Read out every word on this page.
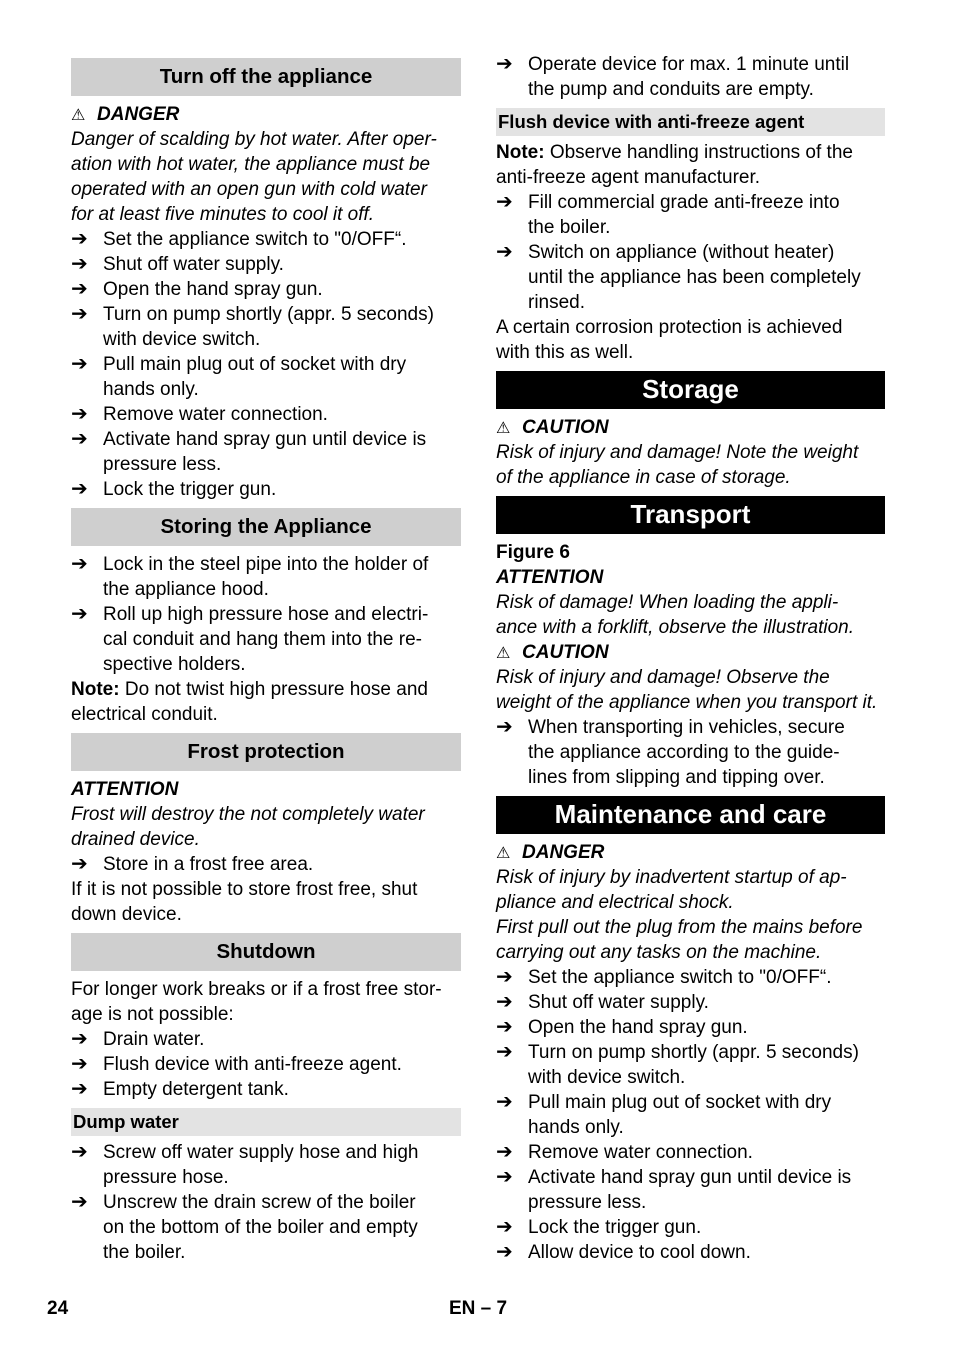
Turn off the appliance
⚠ DANGER
Danger of scalding by hot water. After oper-
ation with hot water, the appliance must be
operated with an open gun with cold water
for at least five minutes to cool it off.
➔ Set the appliance switch to "0/OFF“.
➔ Shut off water supply.
➔ Open the hand spray gun.
➔ Turn on pump shortly (appr. 5 seconds)
with device switch.
➔ Pull main plug out of socket with dry
hands only.
➔ Remove water connection.
➔ Activate hand spray gun until device is
pressure less.
➔ Lock the trigger gun.
Storing the Appliance
➔ Lock in the steel pipe into the holder of
the appliance hood.
➔ Roll up high pressure hose and electri-
cal conduit and hang them into the re-
spective holders.
Note: Do not twist high pressure hose and
electrical conduit.
Frost protection
ATTENTION
Frost will destroy the not completely water
drained device.
➔ Store in a frost free area.
If it is not possible to store frost free, shut
down device.
Shutdown
For longer work breaks or if a frost free stor-
age is not possible:
➔ Drain water.
➔ Flush device with anti-freeze agent.
➔ Empty detergent tank.
Dump water
➔ Screw off water supply hose and high
pressure hose.
➔ Unscrew the drain screw of the boiler
on the bottom of the boiler and empty
the boiler.
➔ Operate device for max. 1 minute until
the pump and conduits are empty.
Flush device with anti-freeze agent
Note: Observe handling instructions of the
anti-freeze agent manufacturer.
➔ Fill commercial grade anti-freeze into
the boiler.
➔ Switch on appliance (without heater)
until the appliance has been completely
rinsed.
A certain corrosion protection is achieved
with this as well.
Storage
⚠ CAUTION
Risk of injury and damage! Note the weight
of the appliance in case of storage.
Transport
Figure 6
ATTENTION
Risk of damage! When loading the appli-
ance with a forklift, observe the illustration.
⚠ CAUTION
Risk of injury and damage! Observe the
weight of the appliance when you transport it.
➔ When transporting in vehicles, secure
the appliance according to the guide-
lines from slipping and tipping over.
Maintenance and care
⚠ DANGER
Risk of injury by inadvertent startup of ap-
pliance and electrical shock.
First pull out the plug from the mains before
carrying out any tasks on the machine.
➔ Set the appliance switch to "0/OFF“.
➔ Shut off water supply.
➔ Open the hand spray gun.
➔ Turn on pump shortly (appr. 5 seconds)
with device switch.
➔ Pull main plug out of socket with dry
hands only.
➔ Remove water connection.
➔ Activate hand spray gun until device is
pressure less.
➔ Lock the trigger gun.
➔ Allow device to cool down.
24	EN – 7
